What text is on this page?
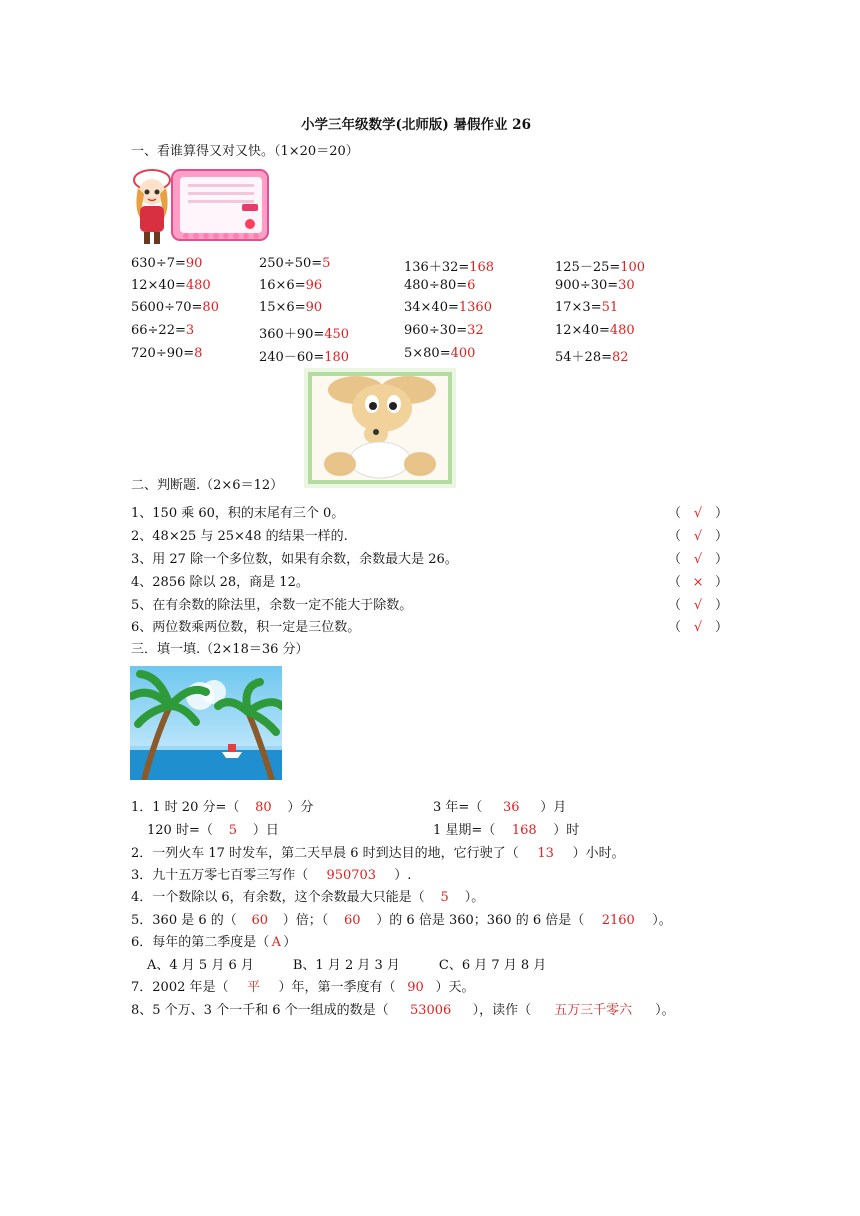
小学三年级数学(北师版) 暑假作业 26
一、看谁算得又对又快。（1×20＝20）
630÷7=90	250÷50=5	136＋32=168	125－25=100
12×40=480	16×6=96	480÷80=6	900÷30=30
5600÷70=80	15×6=90	34×40=1360	17×3=51
66÷22=3	360＋90=450	960÷30=32	12×40=480
720÷90=8	240－60=180	5×80=400	54＋28=82
二、判断题.（2×6＝12）
1、150 乘 60，积的末尾有三个 0。	（ √ ）
2、48×25 与 25×48 的结果一样的.	（ √ ）
3、用 27 除一个多位数，如果有余数，余数最大是 26。	（ √ ）
4、2856 除以 28，商是 12。	（ × ）
5、在有余数的除法里，余数一定不能大于除数。	（ √ ）
6、两位数乘两位数，积一定是三位数。	（ √ ）
三．填一填.（2×18＝36 分）
1．1 时 20 分=（ 80 ）分	3 年=（ 36 ）月
120 时=（ 5 ）日	1 星期=（ 168 ）时
2．一列火车 17 时发车，第二天早晨 6 时到达目的地，它行驶了（ 13 ）小时。
3．九十五万零七百零三写作（ 950703 ）.
4．一个数除以 6，有余数，这个余数最大只能是（ 5 ）。
5．360 是 6 的（ 60 ）倍；（ 60 ）的 6 倍是 360；360 的 6 倍是（ 2160 ）。
6．每年的第二季度是（ A ）
A、4 月 5 月 6 月　　　B、1 月 2 月 3 月　　　C、6 月 7 月 8 月
7．2002 年是（ 平 ）年，第一季度有（ 90 ）天。
8、5 个万、3 个一千和 6 个一组成的数是（ 53006 ），读作（ 五万三千零六 ）。
